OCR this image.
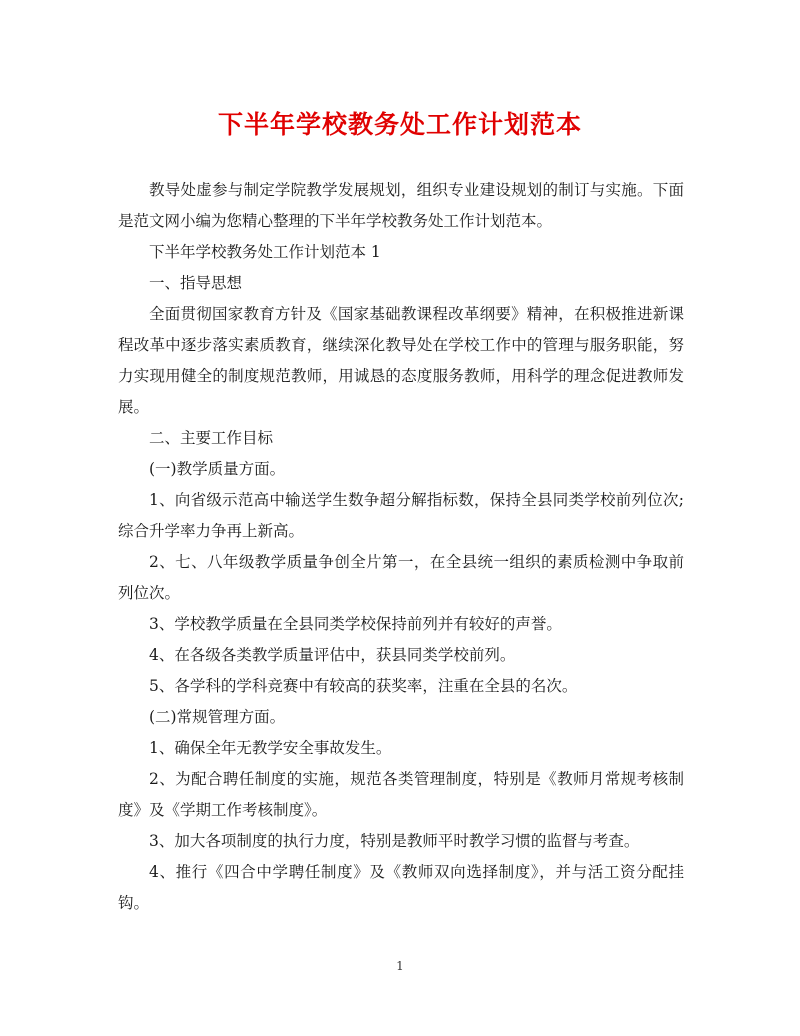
下半年学校教务处工作计划范本

教导处虚参与制定学院教学发展规划，组织专业建设规划的制订与实施。下面是范文网小编为您精心整理的下半年学校教务处工作计划范本。

下半年学校教务处工作计划范本 1

一、指导思想

全面贯彻国家教育方针及《国家基础教课程改革纲要》精神，在积极推进新课程改革中逐步落实素质教育，继续深化教导处在学校工作中的管理与服务职能，努力实现用健全的制度规范教师，用诚恳的态度服务教师，用科学的理念促进教师发展。

二、主要工作目标

(一)教学质量方面。

1、向省级示范高中输送学生数争超分解指标数，保持全县同类学校前列位次;综合升学率力争再上新高。

2、七、八年级教学质量争创全片第一，在全县统一组织的素质检测中争取前列位次。

3、学校教学质量在全县同类学校保持前列并有较好的声誉。

4、在各级各类教学质量评估中，获县同类学校前列。

5、各学科的学科竞赛中有较高的获奖率，注重在全县的名次。

(二)常规管理方面。

1、确保全年无教学安全事故发生。

2、为配合聘任制度的实施，规范各类管理制度，特别是《教师月常规考核制度》及《学期工作考核制度》。

3、加大各项制度的执行力度，特别是教师平时教学习惯的监督与考查。

4、推行《四合中学聘任制度》及《教师双向选择制度》，并与活工资分配挂钩。

1
